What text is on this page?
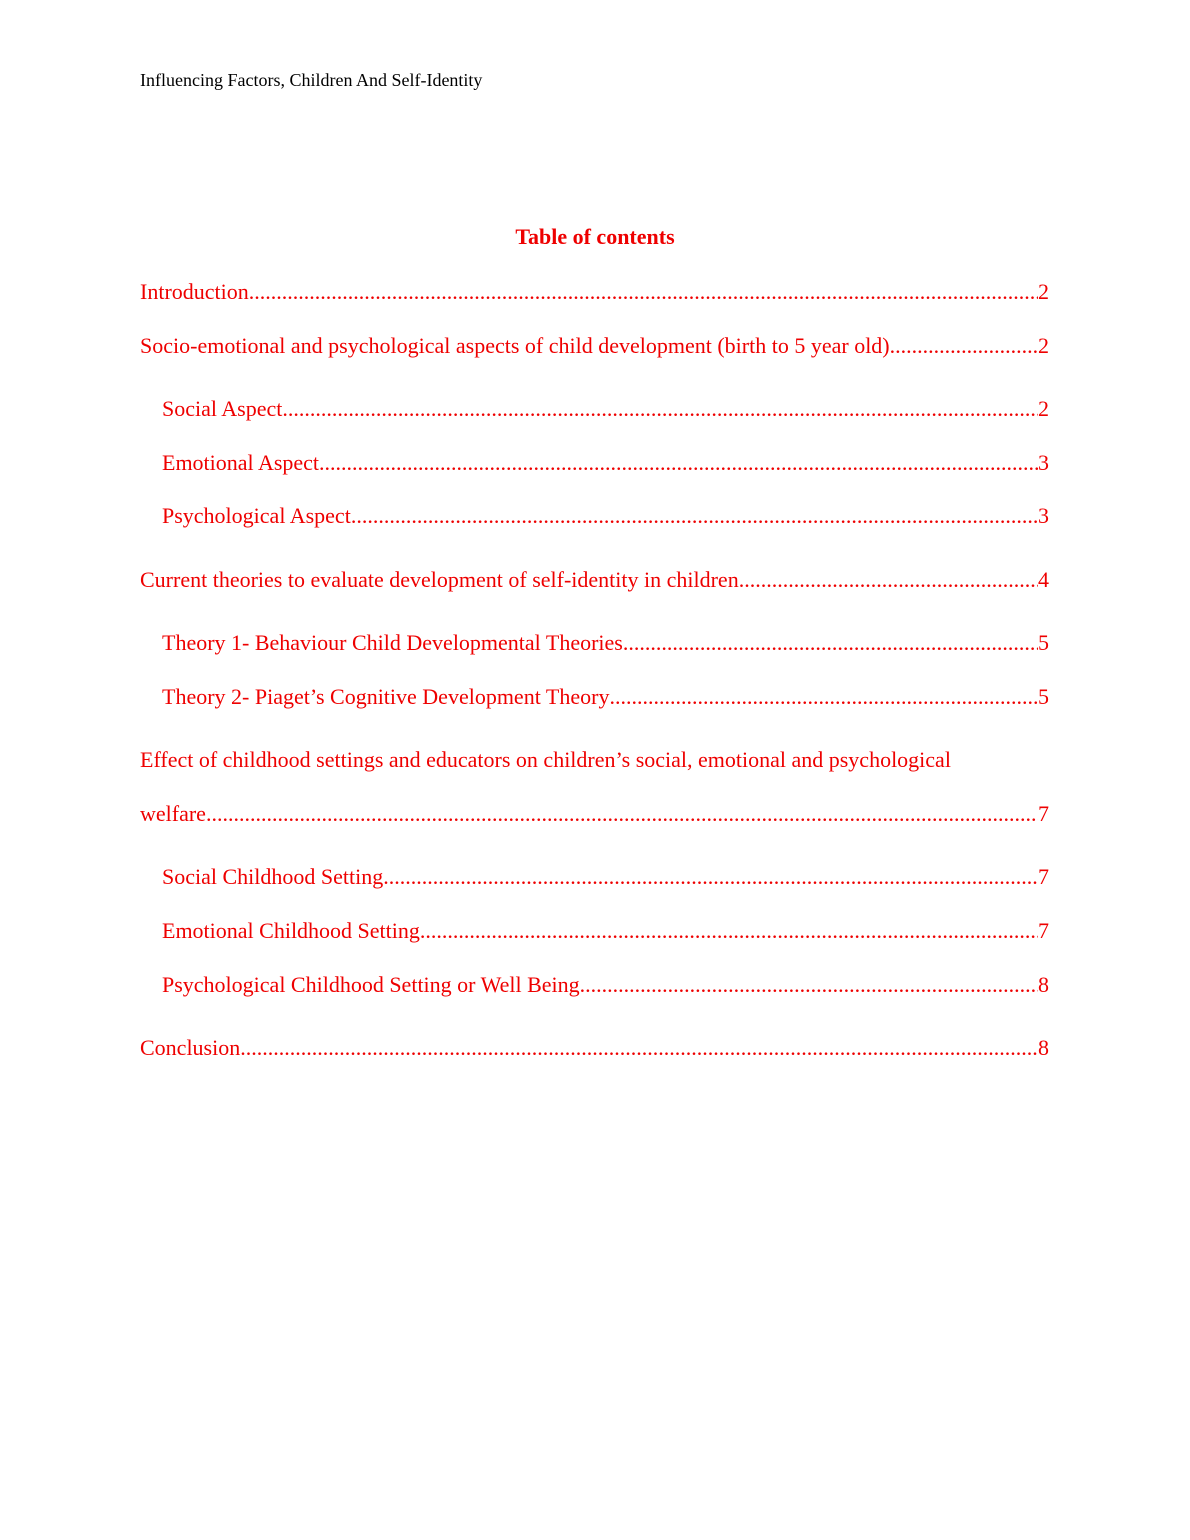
Influencing Factors, Children And Self-Identity
Table of contents
Introduction .....	2
Socio-emotional and psychological aspects of child development (birth to 5 year old) .....	2
Social Aspect .....	2
Emotional Aspect .....	3
Psychological Aspect .....	3
Current theories to evaluate development of self-identity in children .....	4
Theory 1- Behaviour Child Developmental Theories .....	5
Theory 2- Piaget’s Cognitive Development Theory .....	5
Effect of childhood settings and educators on children’s social, emotional and psychological
welfare .....	7
Social Childhood Setting .....	7
Emotional Childhood Setting .....	7
Psychological Childhood Setting or Well Being .....	8
Conclusion .....	8
